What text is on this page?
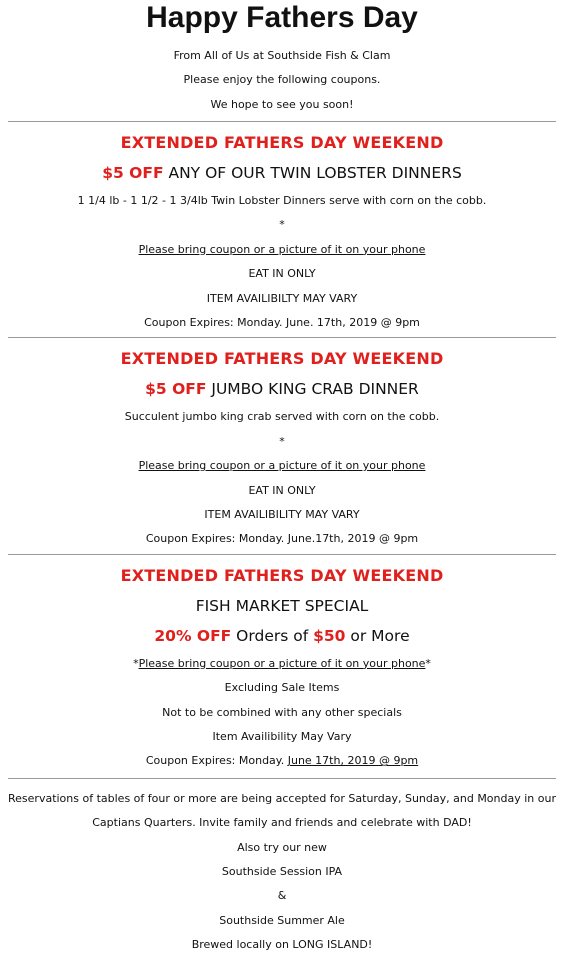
Happy Fathers Day
From All of Us at Southside Fish & Clam
Please enjoy the following coupons.
We hope to see you soon!
EXTENDED FATHERS DAY WEEKEND
$5 OFF ANY OF OUR TWIN LOBSTER DINNERS
1 1/4 lb - 1 1/2 - 1 3/4lb Twin Lobster Dinners serve with corn on the cobb.
*
Please bring coupon or a picture of it on your phone
EAT IN ONLY
ITEM AVAILIBILTY MAY VARY
Coupon Expires: Monday. June. 17th, 2019 @ 9pm
EXTENDED FATHERS DAY WEEKEND
$5 OFF JUMBO KING CRAB DINNER
Succulent jumbo king crab served with corn on the cobb.
*
Please bring coupon or a picture of it on your phone
EAT IN ONLY
ITEM AVAILIBILITY MAY VARY
Coupon Expires: Monday. June.17th, 2019 @ 9pm
EXTENDED FATHERS DAY WEEKEND
FISH MARKET SPECIAL
20% OFF Orders of $50 or More
*Please bring coupon or a picture of it on your phone*
Excluding Sale Items
Not to be combined with any other specials
Item Availibility May Vary
Coupon Expires: Monday. June 17th, 2019 @ 9pm
Reservations of tables of four or more are being accepted for Saturday, Sunday, and Monday in our
Captians Quarters. Invite family and friends and celebrate with DAD!
Also try our new
Southside Session IPA
&
Southside Summer Ale
Brewed locally on LONG ISLAND!
